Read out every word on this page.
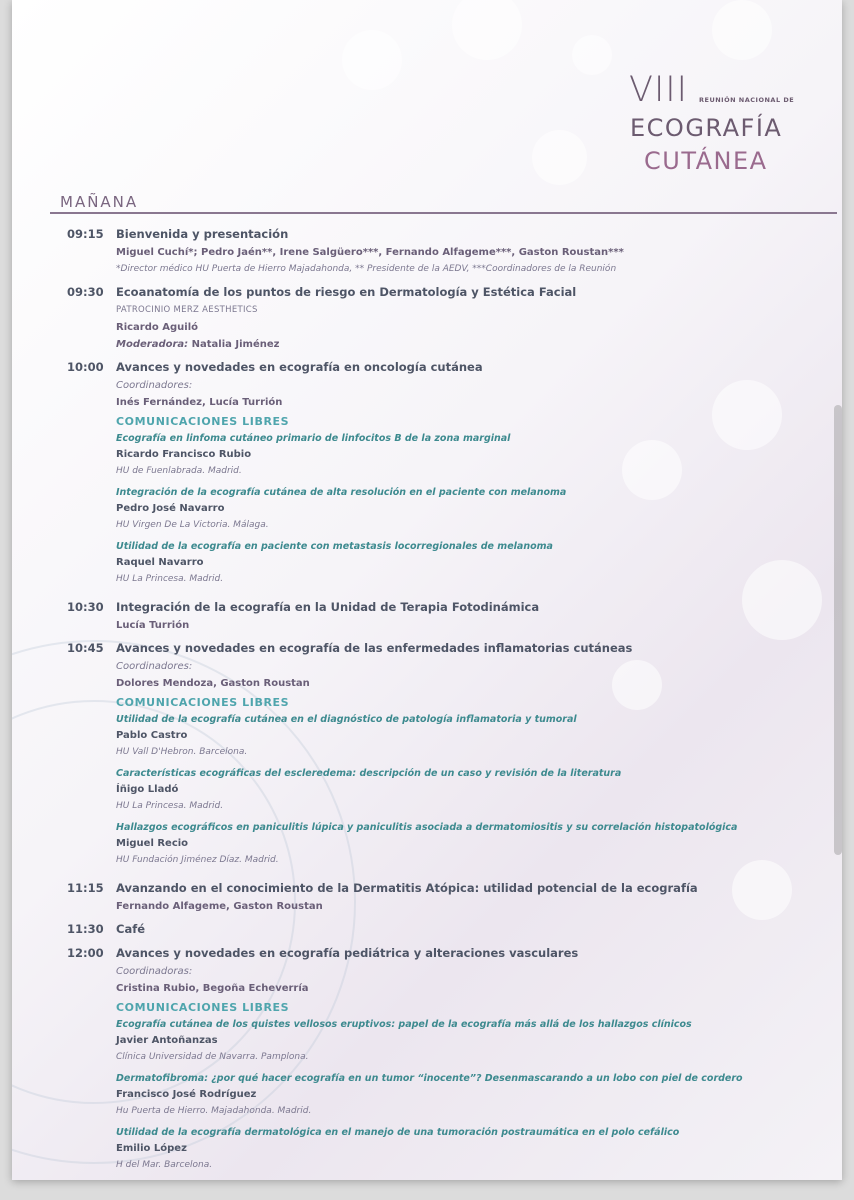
VIII REUNIÓN NACIONAL DE
ECOGRAFÍA
CUTÁNEA
MAÑANA
09:15	Bienvenida y presentación
Miguel Cuchí*; Pedro Jaén**, Irene Salgüero***, Fernando Alfageme***, Gaston Roustan***
*Director médico HU Puerta de Hierro Majadahonda, ** Presidente de la AEDV, ***Coordinadores de la Reunión
09:30	Ecoanatomía de los puntos de riesgo en Dermatología y Estética Facial
PATROCINIO MERZ AESTHETICS
Ricardo Aguiló
Moderadora: Natalia Jiménez
10:00	Avances y novedades en ecografía en oncología cutánea
Coordinadores:
Inés Fernández, Lucía Turrión
COMUNICACIONES LIBRES
Ecografía en linfoma cutáneo primario de linfocitos B de la zona marginal
Ricardo Francisco Rubio
HU de Fuenlabrada. Madrid.
Integración de la ecografía cutánea de alta resolución en el paciente con melanoma
Pedro José Navarro
HU Virgen De La Victoria. Málaga.
Utilidad de la ecografía en paciente con metastasis locorregionales de melanoma
Raquel Navarro
HU La Princesa. Madrid.
10:30	Integración de la ecografía en la Unidad de Terapia Fotodinámica
Lucía Turrión
10:45	Avances y novedades en ecografía de las enfermedades inflamatorias cutáneas
Coordinadores:
Dolores Mendoza, Gaston Roustan
COMUNICACIONES LIBRES
Utilidad de la ecografía cutánea en el diagnóstico de patología inflamatoria y tumoral
Pablo Castro
HU Vall D'Hebron. Barcelona.
Características ecográficas del escleredema: descripción de un caso y revisión de la literatura
Íñigo Lladó
HU La Princesa. Madrid.
Hallazgos ecográficos en paniculitis lúpica y paniculitis asociada a dermatomiositis y su correlación histopatológica
Miguel Recio
HU Fundación Jiménez Díaz. Madrid.
11:15	Avanzando en el conocimiento de la Dermatitis Atópica: utilidad potencial de la ecografía
Fernando Alfageme, Gaston Roustan
11:30	Café
12:00	Avances y novedades en ecografía pediátrica y alteraciones vasculares
Coordinadoras:
Cristina Rubio, Begoña Echeverría
COMUNICACIONES LIBRES
Ecografía cutánea de los quistes vellosos eruptivos: papel de la ecografía más allá de los hallazgos clínicos
Javier Antoñanzas
Clínica Universidad de Navarra. Pamplona.
Dermatofibroma: ¿por qué hacer ecografía en un tumor “inocente”? Desenmascarando a un lobo con piel de cordero
Francisco José Rodríguez
Hu Puerta de Hierro. Majadahonda. Madrid.
Utilidad de la ecografía dermatológica en el manejo de una tumoración postraumática en el polo cefálico
Emilio López
H del Mar. Barcelona.
